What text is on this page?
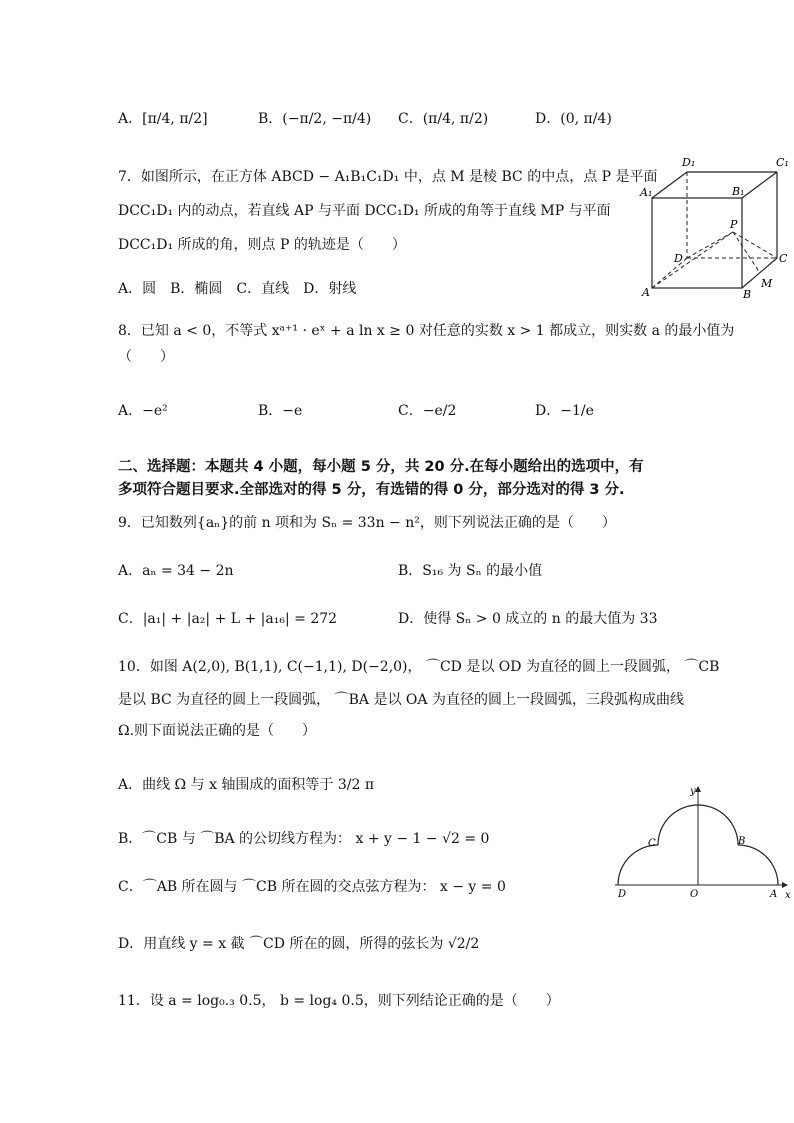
A．[π/4, π/2]	B．(−π/2, −π/4) C．(π/4, π/2)	D．(0, π/4)
7．如图所示，在正方体 ABCD − A₁B₁C₁D₁ 中，点 M 是棱 BC 的中点，点 P 是平面
DCC₁D₁ 内的动点，若直线 AP 与平面 DCC₁D₁ 所成的角等于直线 MP 与平面
DCC₁D₁ 所成的角，则点 P 的轨迹是（　　）
A．圆　B．椭圆　C．直线　D．射线
D₁	C₁
A₁	B₁
P
D	C
A	B
M
8．已知 a < 0，不等式 xᵃ⁺¹ · eˣ + a ln x ≥ 0 对任意的实数 x > 1 都成立，则实数 a 的最小值为
（　　）
A．−e²	B．−e	C．−e/2	D．−1/e
二、选择题：本题共 4 小题，每小题 5 分，共 20 分.在每小题给出的选项中，有
多项符合题目要求.全部选对的得 5 分，有选错的得 0 分，部分选对的得 3 分.
9．已知数列{aₙ}的前 n 项和为 Sₙ = 33n − n²，则下列说法正确的是（　　）
A．aₙ = 34 − 2n	B．S₁₆ 为 Sₙ 的最小值
C．|a₁| + |a₂| + L + |a₁₆| = 272	D．使得 Sₙ > 0 成立的 n 的最大值为 33
10．如图 A(2,0), B(1,1), C(−1,1), D(−2,0)， ⌒CD 是以 OD 为直径的圆上一段圆弧， ⌒CB
是以 BC 为直径的圆上一段圆弧， ⌒BA 是以 OA 为直径的圆上一段圆弧，三段弧构成曲线
Ω.则下面说法正确的是（　　）
A．曲线 Ω 与 x 轴围成的面积等于 3/2 π
B．⌒CB 与 ⌒BA 的公切线方程为： x + y − 1 − √2 = 0
C．⌒AB 所在圆与 ⌒CB 所在圆的交点弦方程为： x − y = 0
D．用直线 y = x 截 ⌒CD 所在的圆，所得的弦长为 √2/2
y
x
C	B
D	O	A
11．设 a = log₀.₃ 0.5， b = log₄ 0.5，则下列结论正确的是（　　）
